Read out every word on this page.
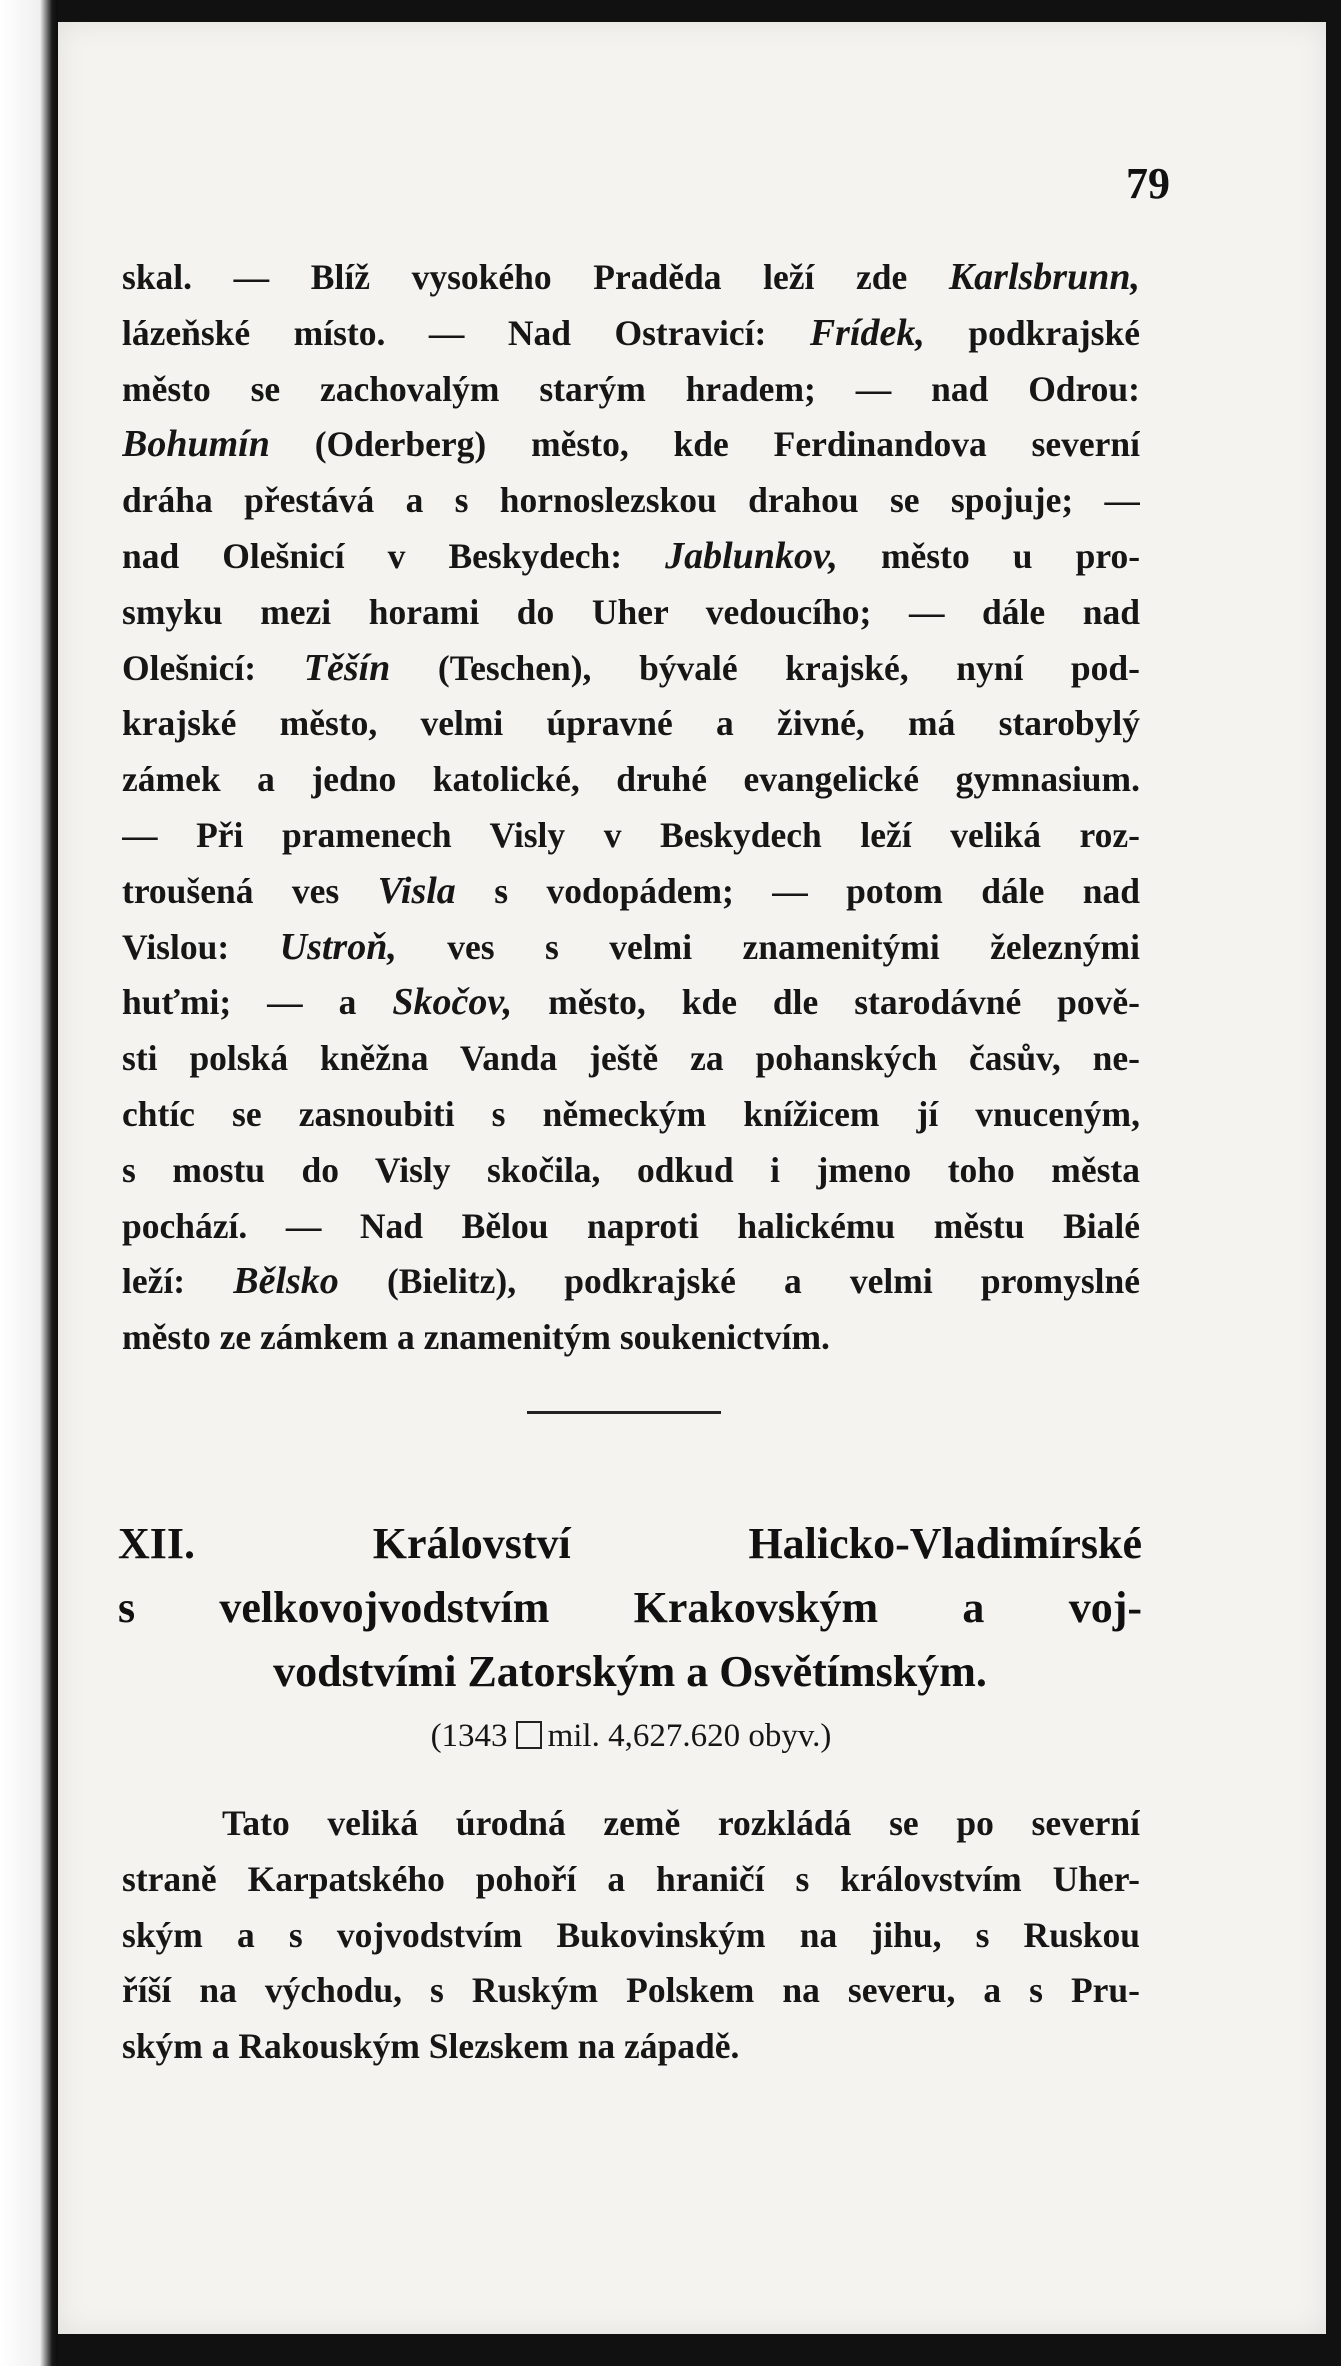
79
skal. — Blíž vysokého Praděda leží zde Karlsbrunn,
lázeňské místo. — Nad Ostravicí: Frídek, podkrajské
město se zachovalým starým hradem; — nad Odrou:
Bohumín (Oderberg) město, kde Ferdinandova severní
dráha přestává a s hornoslezskou drahou se spojuje; —
nad Olešnicí v Beskydech: Jablunkov, město u pro-
smyku mezi horami do Uher vedoucího; — dále nad
Olešnicí: Těšín (Teschen), bývalé krajské, nyní pod-
krajské město, velmi úpravné a živné, má starobylý
zámek a jedno katolické, druhé evangelické gymnasium.
— Při pramenech Visly v Beskydech leží veliká roz-
troušená ves Visla s vodopádem; — potom dále nad
Vislou: Ustroň, ves s velmi znamenitými železnými
huťmi; — a Skočov, město, kde dle starodávné pově-
sti polská kněžna Vanda ještě za pohanských časův, ne-
chtíc se zasnoubiti s německým knížicem jí vnuceným,
s mostu do Visly skočila, odkud i jmeno toho města
pochází. — Nad Bělou naproti halickému městu Bialé
leží: Bělsko (Bielitz), podkrajské a velmi promyslné
město ze zámkem a znamenitým soukenictvím.
XII. Království Halicko-Vladimírské
s velkovojvodstvím Krakovským a voj-
vodstvími Zatorským a Osvětímským.
(1343 mil. 4,627.620 obyv.)
Tato veliká úrodná země rozkládá se po severní
straně Karpatského pohoří a hraničí s královstvím Uher-
ským a s vojvodstvím Bukovinským na jihu, s Ruskou
říší na východu, s Ruským Polskem na severu, a s Pru-
ským a Rakouským Slezskem na západě.
